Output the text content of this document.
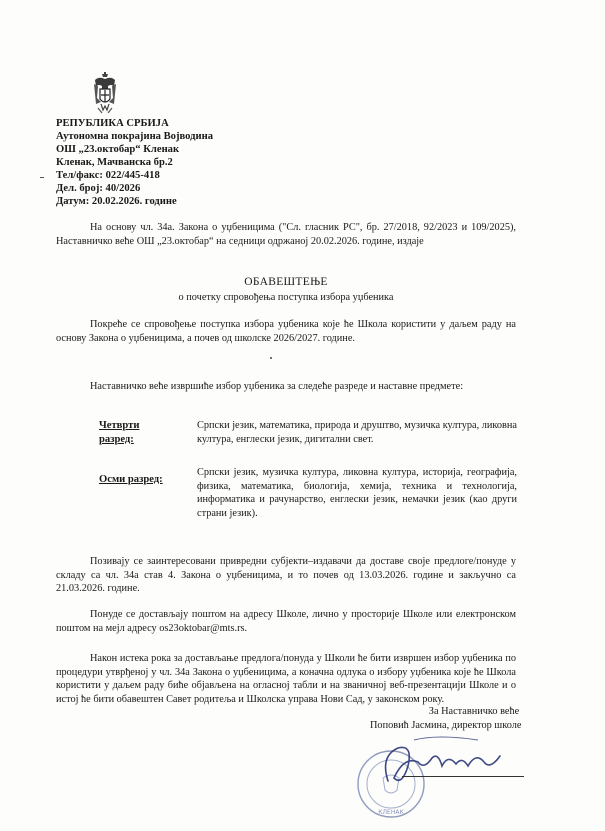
РЕПУБЛИКА СРБИЈА
Аутономна покрајина Војводина
ОШ „23.октобар“ Кленак
Кленак, Мачванска бр.2
Тел/факс: 022/445-418
Дел. број: 40/2026
Датум: 20.02.2026. године
На основу чл. 34а. Закона о уџбеницима ("Сл. гласник РС", бр. 27/2018, 92/2023 и 109/2025), Наставничко веће ОШ „23.октобар“ на седници одржаној 20.02.2026. године, издаје
ОБАВЕШТЕЊЕ
о почетку спровођења поступка избора уџбеника
Покреће се спровођење поступка избора уџбеника које ће Школа користити у даљем раду на основу Закона о уџбеницима, а почев од школске 2026/2027. године.
Наставничко веће извршиће избор уџбеника за следеће разреде и наставне предмете:
Четврти разред:
Српски језик, математика, природа и друштво, музичка култура, ликовна култура, енглески језик, дигитални свет.
Осми разред:
Српски језик, музичка култура, ликовна култура, историја, географија, физика, математика, биологија, хемија, техника и технологија, информатика и рачунарство, енглески језик, немачки језик (као други страни језик).
Позивају се заинтересовани привредни субјекти–издавачи да доставе своје предлоге/понуде у складу са чл. 34а став 4. Закона о уџбеницима, и то почев од 13.03.2026. године и закључно са 21.03.2026. године.
Понуде се достављају поштом на адресу Школе, лично у просторије Школе или електронском поштом на мејл адресу os23oktobar@mts.rs.
Након истека рока за достављање предлога/понуда у Школи ће бити извршен избор уџбеника по процедури утврђеној у чл. 34а Закона о уџбеницима, а коначна одлука о избору уџбеника које ће Школа користити у даљем раду биће објављена на огласној табли и на званичној веб-презентацији Школе и о истој ће бити обавештен Савет родитеља и Школска управа Нови Сад, у законском року.
КЛЕНАК
За Наставничко веће
Поповић Јасмина, директор школе
